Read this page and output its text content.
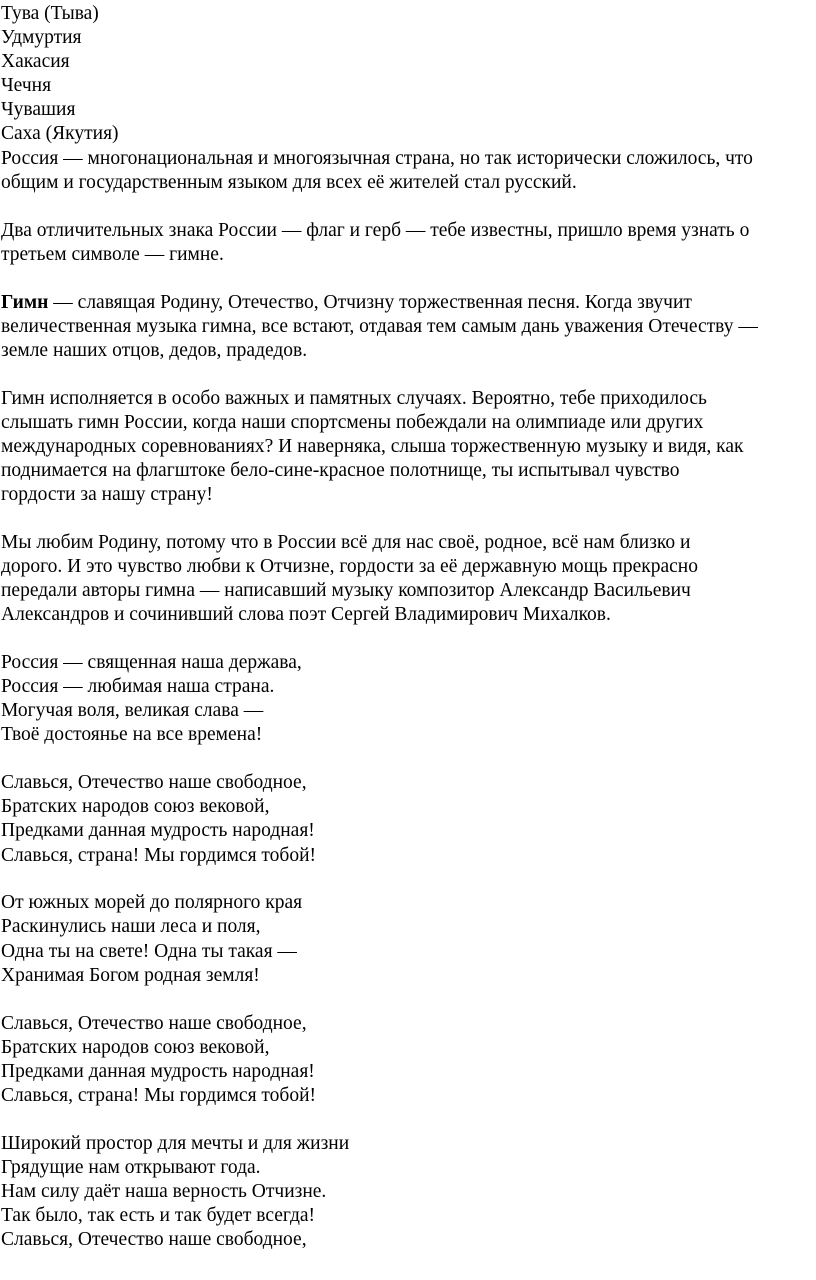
Тува (Тыва)
Удмуртия
Хакасия
Чечня
Чувашия
Саха (Якутия)
Россия — многонациональная и многоязычная страна, но так исторически сложилось, что
общим и государственным языком для всех её жителей стал русский.
Два отличительных знака России — флаг и герб — тебе известны, пришло время узнать о
третьем символе — гимне.
Гимн — славящая Родину, Отечество, Отчизну торжественная песня. Когда звучит
величественная музыка гимна, все встают, отдавая тем самым дань уважения Отечеству —
земле наших отцов, дедов, прадедов.
Гимн исполняется в особо важных и памятных случаях. Вероятно, тебе приходилось
слышать гимн России, когда наши спортсмены побеждали на олимпиаде или других
международных соревнованиях? И наверняка, слыша торжественную музыку и видя, как
поднимается на флагштоке бело-сине-красное полотнище, ты испытывал чувство
гордости за нашу страну!
Мы любим Родину, потому что в России всё для нас своё, родное, всё нам близко и
дорого. И это чувство любви к Отчизне, гордости за её державную мощь прекрасно
передали авторы гимна — написавший музыку композитор Александр Васильевич
Александров и сочинивший слова поэт Сергей Владимирович Михалков.
Россия — священная наша держава,
Россия — любимая наша страна.
Могучая воля, великая слава —
Твоё достоянье на все времена!
Славься, Отечество наше свободное,
Братских народов союз вековой,
Предками данная мудрость народная!
Славься, страна! Мы гордимся тобой!
От южных морей до полярного края
Раскинулись наши леса и поля,
Одна ты на свете! Одна ты такая —
Хранимая Богом родная земля!
Славься, Отечество наше свободное,
Братских народов союз вековой,
Предками данная мудрость народная!
Славься, страна! Мы гордимся тобой!
Широкий простор для мечты и для жизни
Грядущие нам открывают года.
Нам силу даёт наша верность Отчизне.
Так было, так есть и так будет всегда!
Славься, Отечество наше свободное,
